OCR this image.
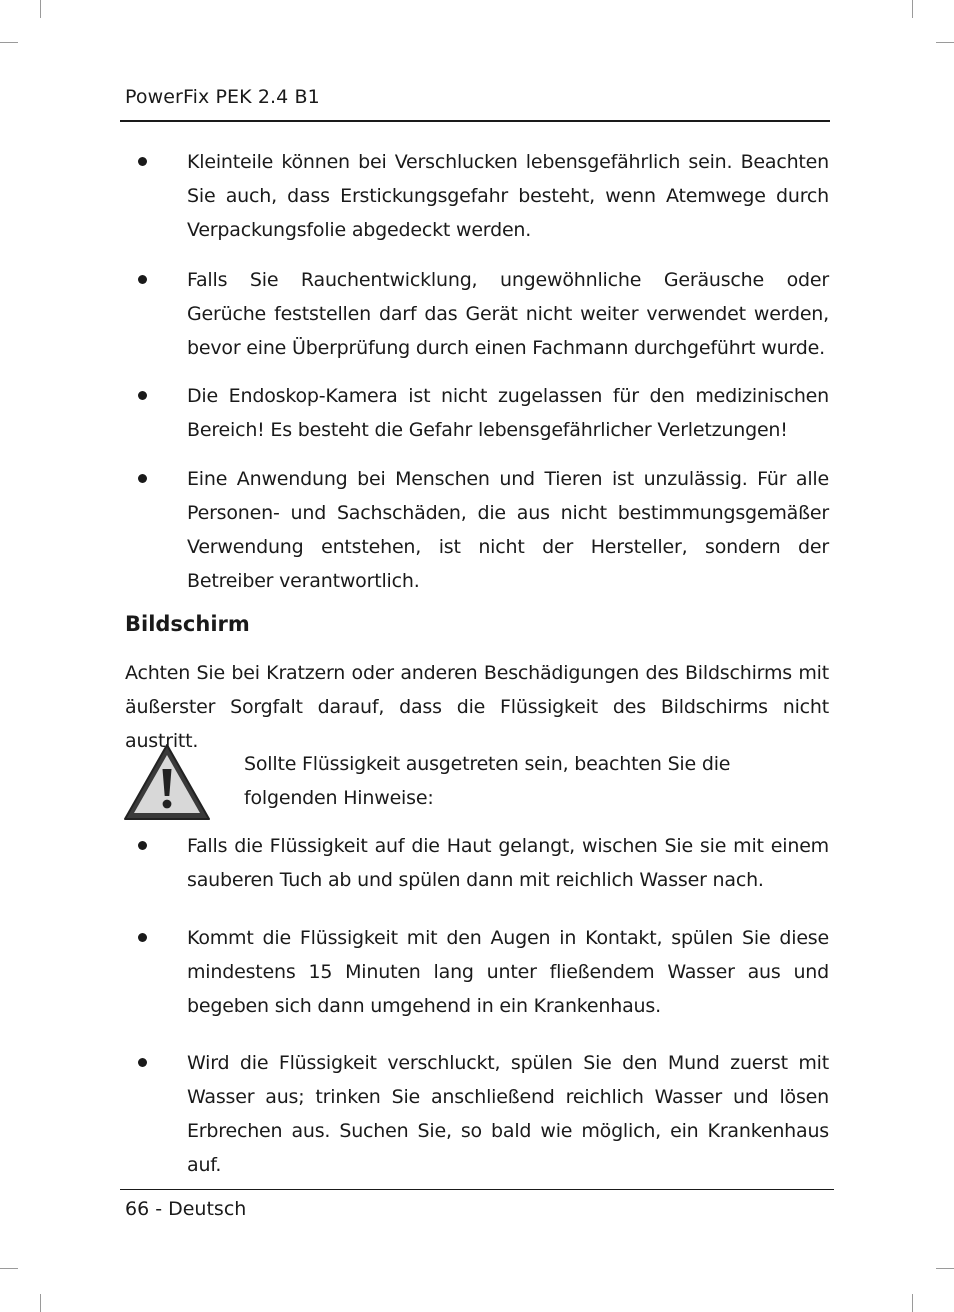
PowerFix PEK 2.4 B1
Kleinteile können bei Verschlucken lebensgefährlich sein. Beachten Sie auch, dass Erstickungsgefahr besteht, wenn Atemwege durch Verpackungsfolie abgedeckt werden.
Falls Sie Rauchentwicklung, ungewöhnliche Geräusche oder Gerüche feststellen darf das Gerät nicht weiter verwendet werden, bevor eine Überprüfung durch einen Fachmann durchgeführt wurde.
Die Endoskop-Kamera ist nicht zugelassen für den medizinischen Bereich! Es besteht die Gefahr lebensgefährlicher Verletzungen!
Eine Anwendung bei Menschen und Tieren ist unzulässig. Für alle Personen- und Sachschäden, die aus nicht bestimmungsgemäßer Verwendung entstehen, ist nicht der Hersteller, sondern der Betreiber verantwortlich.
Bildschirm
Achten Sie bei Kratzern oder anderen Beschädigungen des Bildschirms mit äußerster Sorgfalt darauf, dass die Flüssigkeit des Bildschirms nicht austritt.
Sollte Flüssigkeit ausgetreten sein, beachten Sie die folgenden Hinweise:
Falls die Flüssigkeit auf die Haut gelangt, wischen Sie sie mit einem sauberen Tuch ab und spülen dann mit reichlich Wasser nach.
Kommt die Flüssigkeit mit den Augen in Kontakt, spülen Sie diese mindestens 15 Minuten lang unter fließendem Wasser aus und begeben sich dann umgehend in ein Krankenhaus.
Wird die Flüssigkeit verschluckt, spülen Sie den Mund zuerst mit Wasser aus; trinken Sie anschließend reichlich Wasser und lösen Erbrechen aus. Suchen Sie, so bald wie möglich, ein Krankenhaus auf.
66 - Deutsch
